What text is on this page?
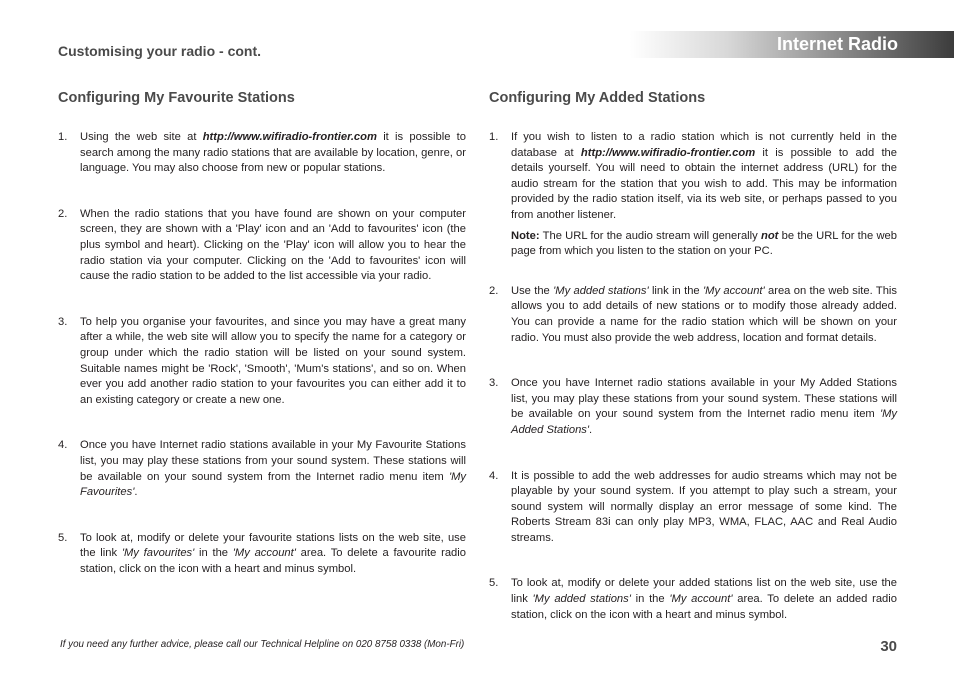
Internet Radio
Customising your radio - cont.
Configuring My Favourite Stations
1.	Using the web site at http://www.wifiradio-frontier.com it is possible to search among the many radio stations that are available by location, genre, or language. You may also choose from new or popular stations.

2.	When the radio stations that you have found are shown on your computer screen, they are shown with a 'Play' icon and an 'Add to favourites' icon (the plus symbol and heart). Clicking on the 'Play' icon will allow you to hear the radio station via your computer. Clicking on the 'Add to favourites' icon will cause the radio station to be added to the list accessible via your radio.

3.	To help you organise your favourites, and since you may have a great many after a while, the web site will allow you to specify the name for a category or group under which the radio station will be listed on your sound system. Suitable names might be 'Rock', 'Smooth', 'Mum's stations', and so on. When ever you add another radio station to your favourites you can either add it to an existing category or create a new one.

4.	Once you have Internet radio stations available in your My Favourite Stations list, you may play these stations from your sound system. These stations will be available on your sound system from the Internet radio menu item 'My Favourites'.

5.	To look at, modify or delete your favourite stations lists on the web site, use the link 'My favourites' in the 'My account' area. To delete a favourite radio station, click on the icon with a heart and minus symbol.

Configuring My Added Stations
1.	If you wish to listen to a radio station which is not currently held in the database at http://www.wifiradio-frontier.com it is possible to add the details yourself. You will need to obtain the internet address (URL) for the audio stream for the station that you wish to add. This may be information provided by the radio station itself, via its web site, or perhaps passed to you from another listener.

Note: The URL for the audio stream will generally not be the URL for the web page from which you listen to the station on your PC.

2.	Use the 'My added stations' link in the 'My account' area on the web site. This allows you to add details of new stations or to modify those already added. You can provide a name for the radio station which will be shown on your radio. You must also provide the web address, location and format details.

3.	Once you have Internet radio stations available in your My Added Stations list, you may play these stations from your sound system. These stations will be available on your sound system from the Internet radio menu item 'My Added Stations'.

4.	It is possible to add the web addresses for audio streams which may not be playable by your sound system. If you attempt to play such a stream, your sound system will normally display an error message of some kind. The Roberts Stream 83i can only play MP3, WMA, FLAC, AAC and Real Audio streams.

5.	To look at, modify or delete your added stations list on the web site, use the link 'My added stations' in the 'My account' area. To delete an added radio station, click on the icon with a heart and minus symbol.

If you need any further advice, please call our Technical Helpline on 020 8758 0338 (Mon-Fri)	30
